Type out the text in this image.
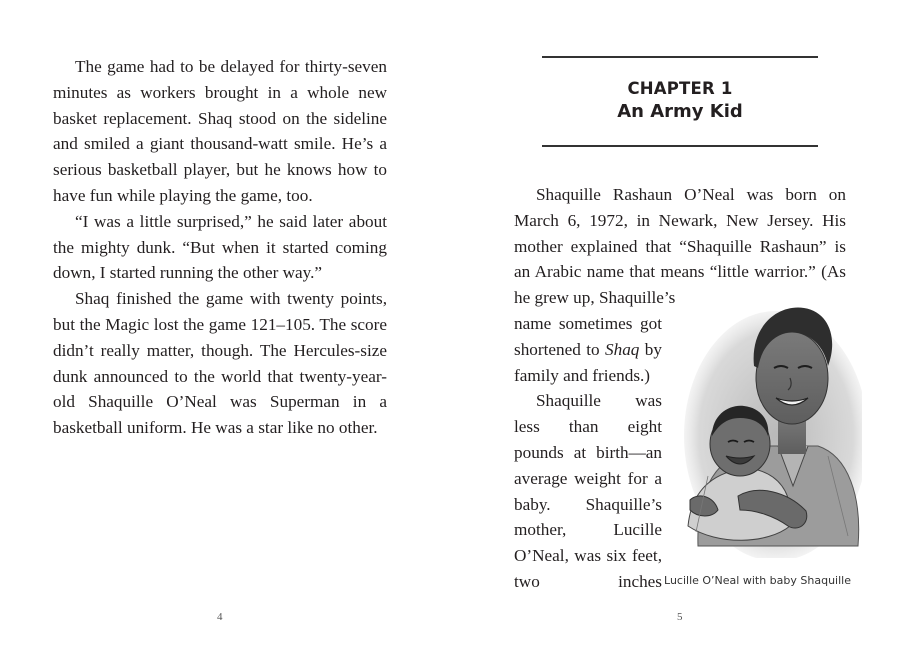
The game had to be delayed for thirty-seven minutes as workers brought in a whole new basket replacement. Shaq stood on the sideline and smiled a giant thousand-watt smile. He’s a serious basketball player, but he knows how to have fun while playing the game, too.

“I was a little surprised,” he said later about the mighty dunk. “But when it started coming down, I started running the other way.”

Shaq finished the game with twenty points, but the Magic lost the game 121–105. The score didn’t really matter, though. The Hercules-size dunk announced to the world that twenty-year-old Shaquille O’Neal was Superman in a basketball uniform. He was a star like no other.

4
CHAPTER 1
An Army Kid

Shaquille Rashaun O’Neal was born on March 6, 1972, in Newark, New Jersey. His mother explained that “Shaquille Rashaun” is an Arabic name that means “little warrior.” (As

he grew up, Shaquille’s

name sometimes got shortened to Shaq by family and friends.)

Shaquille was less than eight pounds at birth—an average weight for a baby. Shaquille’s mother, Lucille O’Neal, was six feet, two inches Lucille O’Neal with baby Shaquille
5
